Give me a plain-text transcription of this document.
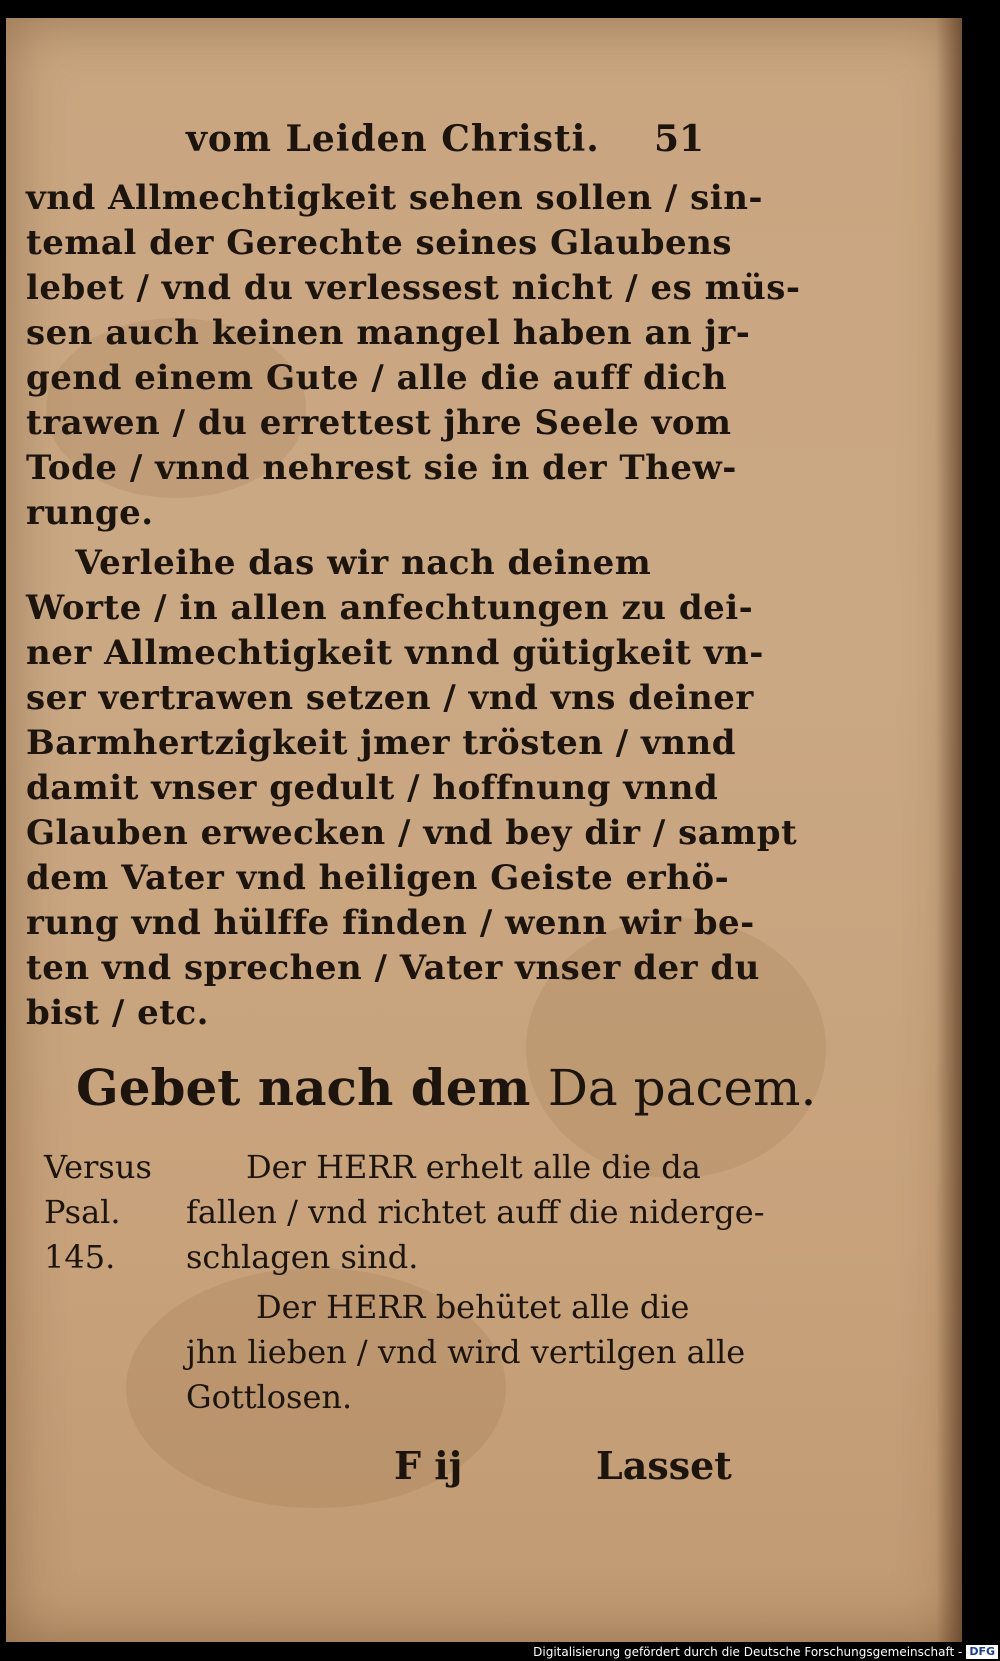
vom Leiden Christi. 51
vnd Allmechtigkeit sehen sollen / sin-
temal der Gerechte seines Glaubens
lebet / vnd du verlessest nicht / es müs-
sen auch keinen mangel haben an jr-
gend einem Gute / alle die auff dich
trawen / du errettest jhre Seele vom
Tode / vnnd nehrest sie in der Thew-
runge.
Verleihe das wir nach deinem
Worte / in allen anfechtungen zu dei-
ner Allmechtigkeit vnnd gütigkeit vn-
ser vertrawen setzen / vnd vns deiner
Barmhertzigkeit jmer trösten / vnnd
damit vnser gedult / hoffnung vnnd
Glauben erwecken / vnd bey dir / sampt
dem Vater vnd heiligen Geiste erhö-
rung vnd hülffe finden / wenn wir be-
ten vnd sprechen / Vater vnser der du
bist / etc.
Gebet nach dem Da pacem.
Versus
Psal.
145.
Der HERR erhelt alle die da
fallen / vnd richtet auff die niderge-
schlagen sind.
Der HERR behütet alle die
jhn lieben / vnd wird vertilgen alle
Gottlosen.
F ij	Lasset
Digitalisierung gefördert durch die Deutsche Forschungsgemeinschaft - DFG
